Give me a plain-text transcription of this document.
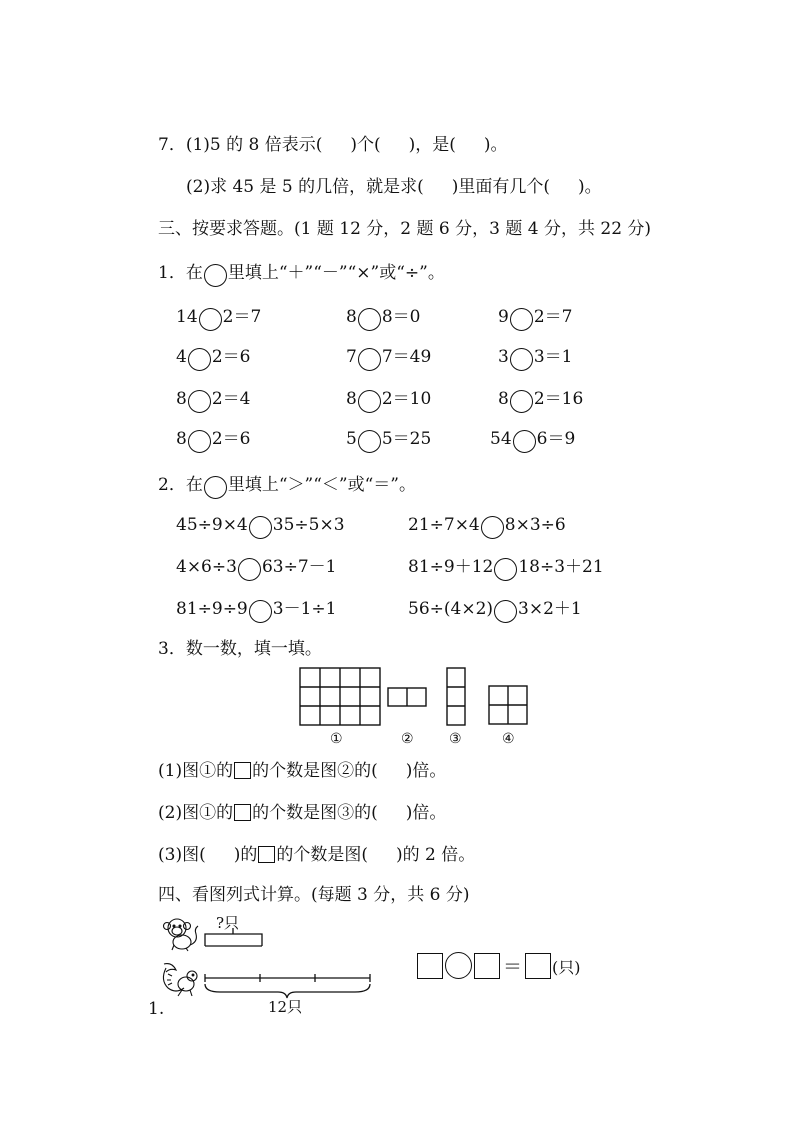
7．(1)5 的 8 倍表示( )个( )，是( )。
(2)求 45 是 5 的几倍，就是求( )里面有几个( )。
三、按要求答题。(1 题 12 分，2 题 6 分，3 题 4 分，共 22 分)
1．在 里填上“＋”“－”“×”或“÷”。
14 2＝7	8 8＝0	9 2＝7
4 2＝6	7 7＝49	3 3＝1
8 2＝4	8 2＝10	8 2＝16
8 2＝6	5 5＝25	54 6＝9
2．在 里填上“＞”“＜”或“＝”。
45÷9×4 35÷5×3	21÷7×4 8×3÷6
4×6÷3 63÷7－1	81÷9＋12 18÷3＋21
81÷9÷9 3－1÷1	56÷(4×2) 3×2＋1
3．数一数，填一填。
①	②	③	④
(1)图①的 的个数是图②的( )倍。
(2)图①的 的个数是图③的( )倍。
(3)图( )的 的个数是图( )的 2 倍。
四、看图列式计算。(每题 3 分，共 6 分)
?只
12只
＝ (只)
1.
